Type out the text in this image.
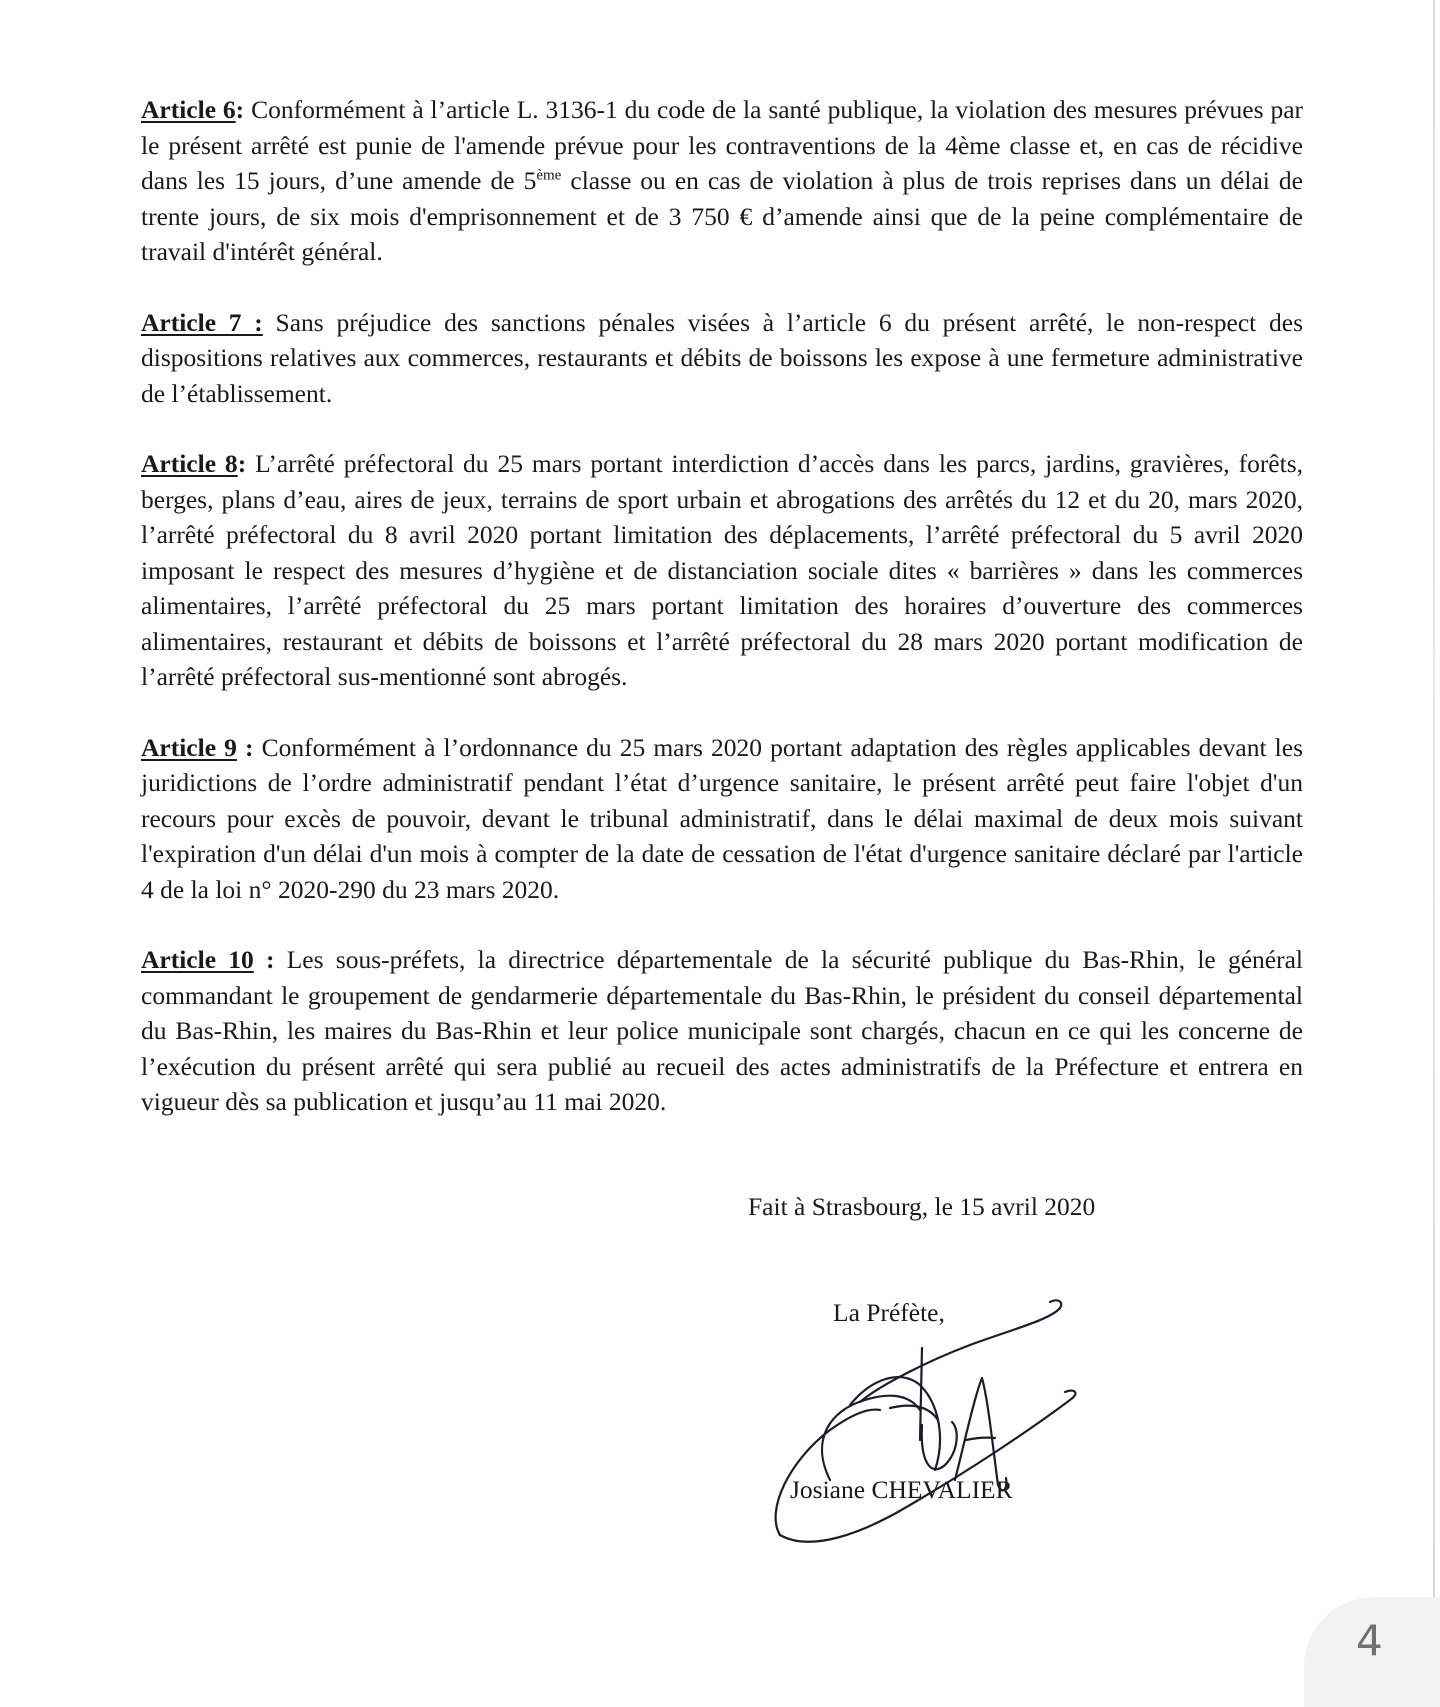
Article 6: Conformément à l’article L. 3136-1 du code de la santé publique, la violation des mesures prévues par le présent arrêté est punie de l'amende prévue pour les contraventions de la 4ème classe et, en cas de récidive dans les 15 jours, d’une amende de 5ème classe ou en cas de violation à plus de trois reprises dans un délai de trente jours, de six mois d'emprisonnement et de 3 750 € d’amende ainsi que de la peine complémentaire de travail d'intérêt général.

Article 7 : Sans préjudice des sanctions pénales visées à l’article 6 du présent arrêté, le non-respect des dispositions relatives aux commerces, restaurants et débits de boissons les expose à une fermeture administrative de l’établissement.

Article 8: L’arrêté préfectoral du 25 mars portant interdiction d’accès dans les parcs, jardins, gravières, forêts, berges, plans d’eau, aires de jeux, terrains de sport urbain et abrogations des arrêtés du 12 et du 20, mars 2020, l’arrêté préfectoral du 8 avril 2020 portant limitation des déplacements, l’arrêté préfectoral du 5 avril 2020 imposant le respect des mesures d’hygiène et de distanciation sociale dites « barrières » dans les commerces alimentaires, l’arrêté préfectoral du 25 mars portant limitation des horaires d’ouverture des commerces alimentaires, restaurant et débits de boissons et l’arrêté préfectoral du 28 mars 2020 portant modification de l’arrêté préfectoral sus-mentionné sont abrogés.

Article 9 : Conformément à l’ordonnance du 25 mars 2020 portant adaptation des règles applicables devant les juridictions de l’ordre administratif pendant l’état d’urgence sanitaire, le présent arrêté peut faire l'objet d'un recours pour excès de pouvoir, devant le tribunal administratif, dans le délai maximal de deux mois suivant l'expiration d'un délai d'un mois à compter de la date de cessation de l'état d'urgence sanitaire déclaré par l'article 4 de la loi n° 2020-290 du 23 mars 2020.

Article 10 : Les sous-préfets, la directrice départementale de la sécurité publique du Bas-Rhin, le général commandant le groupement de gendarmerie départementale du Bas-Rhin, le président du conseil départemental du Bas-Rhin, les maires du Bas-Rhin et leur police municipale sont chargés, chacun en ce qui les concerne de l’exécution du présent arrêté qui sera publié au recueil des actes administratifs de la Préfecture et entrera en vigueur dès sa publication et jusqu’au 11 mai 2020.

Fait à Strasbourg, le 15 avril 2020
La Préfète,
Josiane CHEVALIER
4
